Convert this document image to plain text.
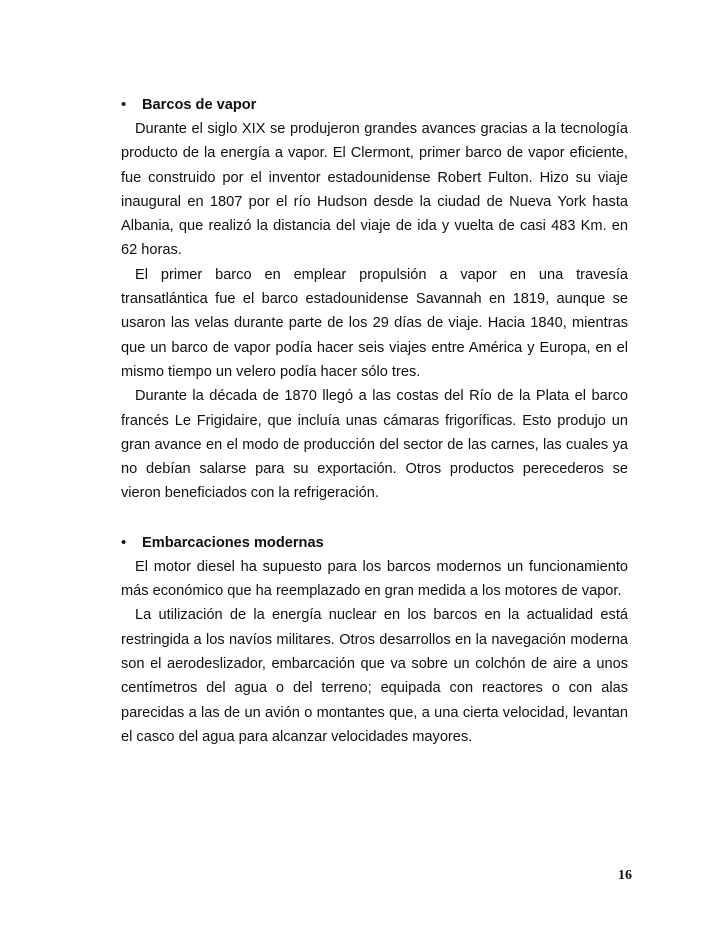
•	Barcos de vapor

Durante el siglo XIX se produjeron grandes avances gracias a la tecnología producto de la energía a vapor. El Clermont, primer barco de vapor eficiente, fue construido por el inventor estadounidense Robert Fulton. Hizo su viaje inaugural en 1807 por el río Hudson desde la ciudad de Nueva York hasta Albania, que realizó la distancia del viaje de ida y vuelta de casi 483 Km. en 62 horas.

El primer barco en emplear propulsión a vapor en una travesía transatlántica fue el barco estadounidense Savannah en 1819, aunque se usaron las velas durante parte de los 29 días de viaje. Hacia 1840, mientras que un barco de vapor podía hacer seis viajes entre América y Europa, en el mismo tiempo un velero podía hacer sólo tres.

Durante la década de 1870 llegó a las costas del Río de la Plata el barco francés Le Frigidaire, que incluía unas cámaras frigoríficas. Esto produjo un gran avance en el modo de producción del sector de las carnes, las cuales ya no debían salarse para su exportación. Otros productos perecederos se vieron beneficiados con la refrigeración.

•	Embarcaciones modernas

El motor diesel ha supuesto para los barcos modernos un funcionamiento más económico que ha reemplazado en gran medida a los motores de vapor.

La utilización de la energía nuclear en los barcos en la actualidad está restringida a los navíos militares. Otros desarrollos en la navegación moderna son el aerodeslizador, embarcación que va sobre un colchón de aire a unos centímetros del agua o del terreno; equipada con reactores o con alas parecidas a las de un avión o montantes que, a una cierta velocidad, levantan el casco del agua para alcanzar velocidades mayores.

16
